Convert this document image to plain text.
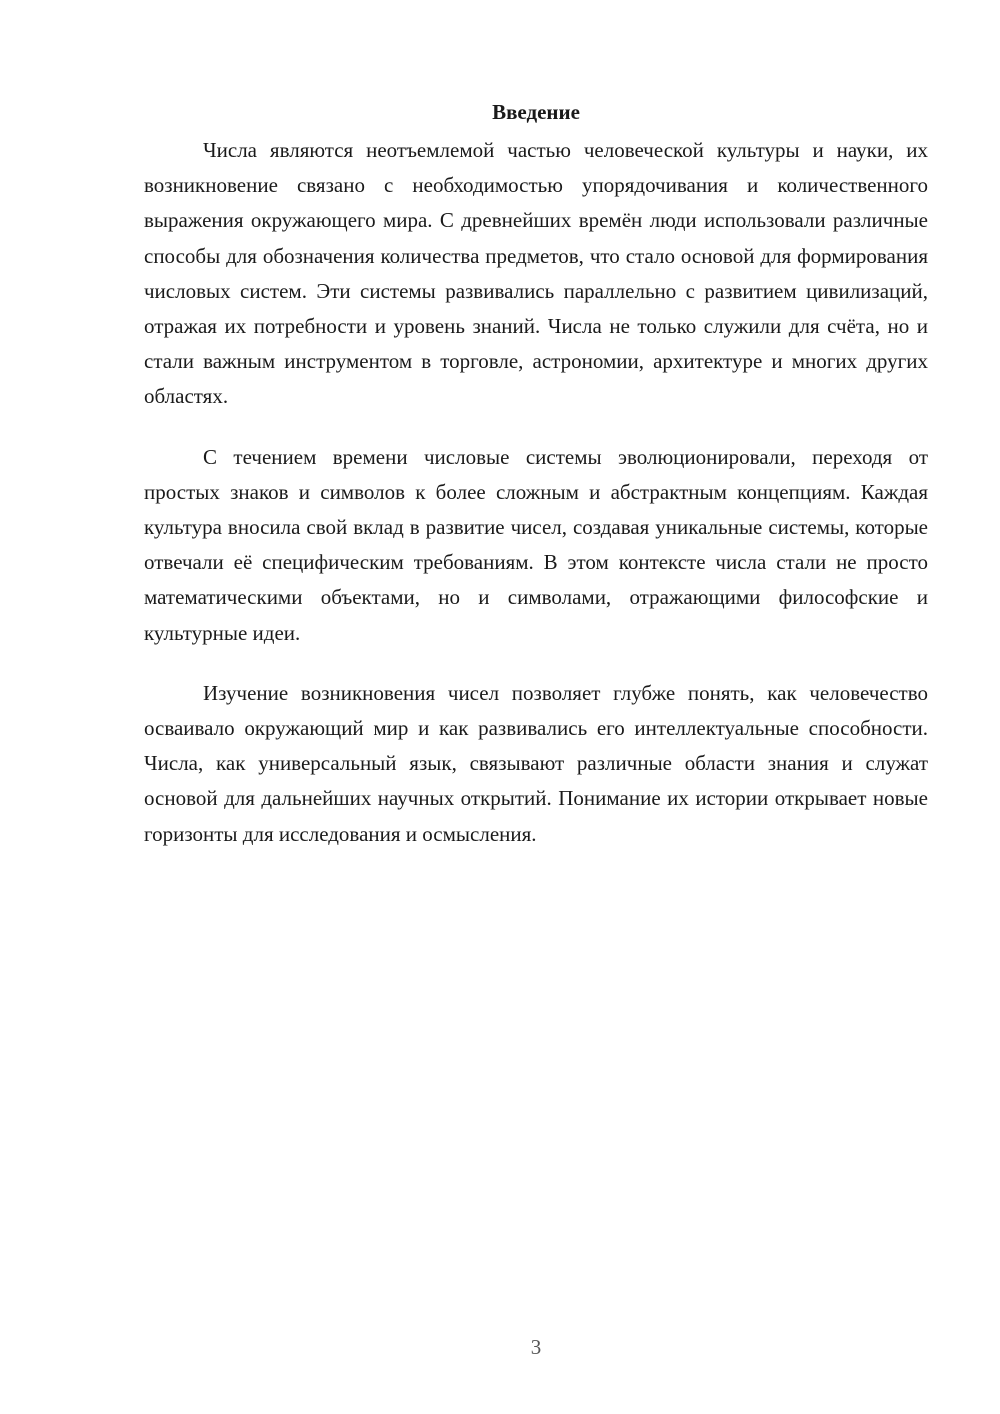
Введение

Числа являются неотъемлемой частью человеческой культуры и науки, их возникновение связано с необходимостью упорядочивания и количественного выражения окружающего мира. С древнейших времён люди использовали различные способы для обозначения количества предметов, что стало основой для формирования числовых систем. Эти системы развивались параллельно с развитием цивилизаций, отражая их потребности и уровень знаний. Числа не только служили для счёта, но и стали важным инструментом в торговле, астрономии, архитектуре и многих других областях.

С течением времени числовые системы эволюционировали, переходя от простых знаков и символов к более сложным и абстрактным концепциям. Каждая культура вносила свой вклад в развитие чисел, создавая уникальные системы, которые отвечали её специфическим требованиям. В этом контексте числа стали не просто математическими объектами, но и символами, отражающими философские и культурные идеи.

Изучение возникновения чисел позволяет глубже понять, как человечество осваивало окружающий мир и как развивались его интеллектуальные способности. Числа, как универсальный язык, связывают различные области знания и служат основой для дальнейших научных открытий. Понимание их истории открывает новые горизонты для исследования и осмысления.

3
